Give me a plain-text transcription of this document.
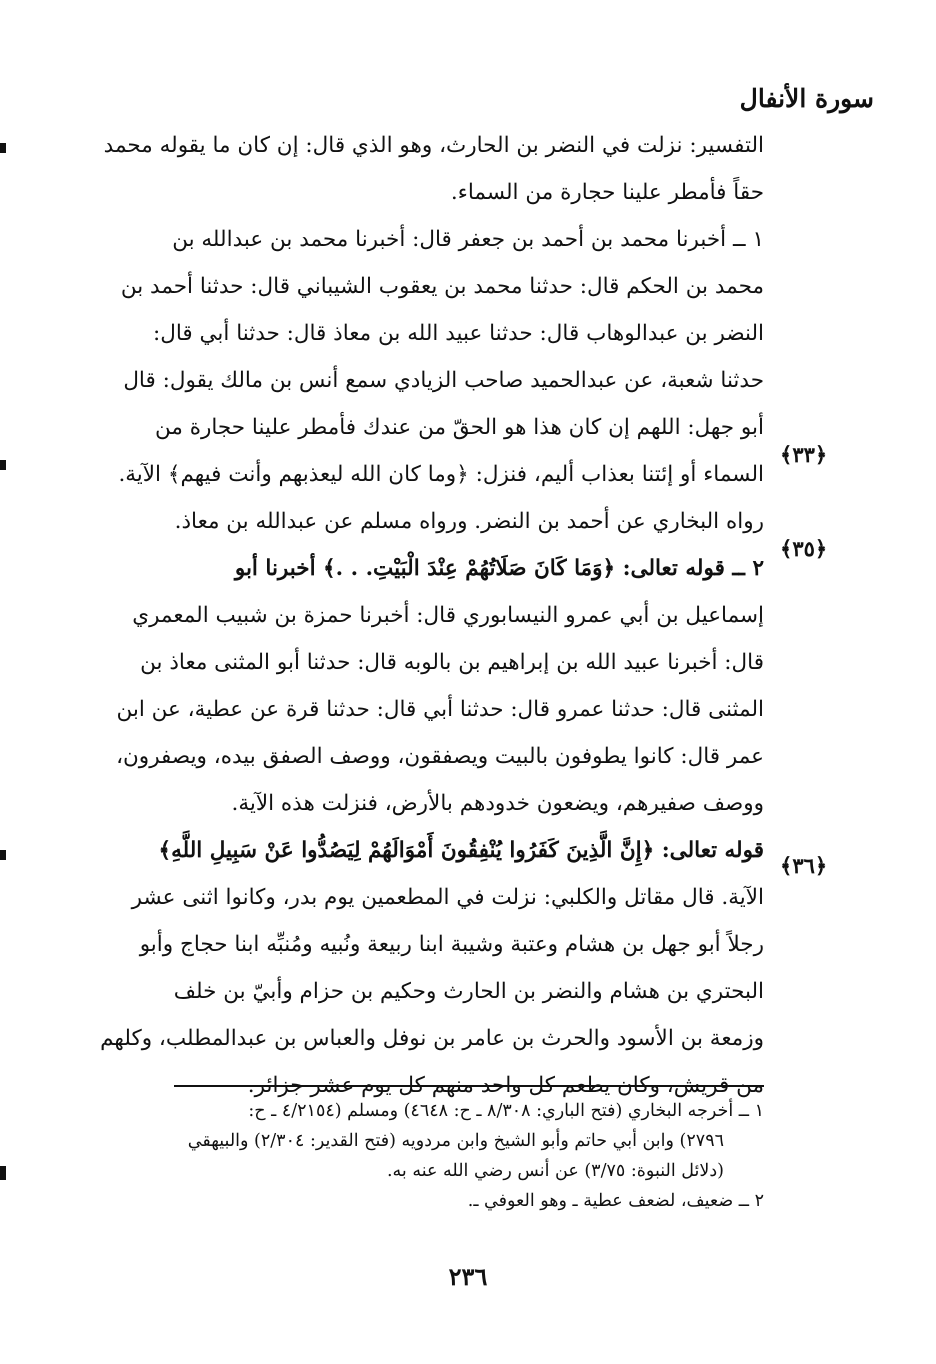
سورة الأنفال
التفسير: نزلت في النضر بن الحارث، وهو الذي قال: إن كان ما يقوله محمد
حقاً فأمطر علينا حجارة من السماء.
١ ــ أخبرنا محمد بن أحمد بن جعفر قال: أخبرنا محمد بن عبدالله بن
محمد بن الحكم قال: حدثنا محمد بن يعقوب الشيباني قال: حدثنا أحمد بن
النضر بن عبدالوهاب قال: حدثنا عبيد الله بن معاذ قال: حدثنا أبي قال:
حدثنا شعبة، عن عبدالحميد صاحب الزيادي سمع أنس بن مالك يقول: قال
أبو جهل: اللهم إن كان هذا هو الحقّ من عندك فأمطر علينا حجارة من
السماء أو إئتنا بعذاب أليم، فنزل: ﴿وما كان الله ليعذبهم وأنت فيهم﴾ الآية.
رواه البخاري عن أحمد بن النضر. ورواه مسلم عن عبدالله بن معاذ.
٢ ــ قوله تعالى: ﴿وَمَا كَانَ صَلَاتُهُمْ عِنْدَ الْبَيْتِ. . .﴾ أخبرنا أبو
إسماعيل بن أبي عمرو النيسابوري قال: أخبرنا حمزة بن شبيب المعمري
قال: أخبرنا عبيد الله بن إبراهيم بن بالوبه قال: حدثنا أبو المثنى معاذ بن
المثنى قال: حدثنا عمرو قال: حدثنا أبي قال: حدثنا قرة عن عطية، عن ابن
عمر قال: كانوا يطوفون بالبيت ويصفقون، ووصف الصفق بيده، ويصفرون،
ووصف صفيرهم، ويضعون خدودهم بالأرض، فنزلت هذه الآية.
قوله تعالى: ﴿إِنَّ الَّذِينَ كَفَرُوا يُنْفِقُونَ أَمْوَالَهُمْ لِيَصُدُّوا عَنْ سَبِيلِ اللَّهِ﴾
الآية. قال مقاتل والكلبي: نزلت في المطعمين يوم بدر، وكانوا اثنى عشر
رجلاً أبو جهل بن هشام وعتبة وشيبة ابنا ربيعة ونُبيه ومُنبِّه ابنا حجاج وأبو
البحتري بن هشام والنضر بن الحارث وحكيم بن حزام وأبيّ بن خلف
وزمعة بن الأسود والحرث بن عامر بن نوفل والعباس بن عبدالمطلب، وكلهم
من قريش، وكان يطعم كل واحد منهم كل يوم عشر جزائر.
﴿٣٣﴾
﴿٣٥﴾
﴿٣٦﴾
١ ــ أخرجه البخاري (فتح الباري: ٨/٣٠٨ ـ ح: ٤٦٤٨) ومسلم (٤/٢١٥٤ ـ ح:
٢٧٩٦) وابن أبي حاتم وأبو الشيخ وابن مردويه (فتح القدير: ٢/٣٠٤) والبيهقي
(دلائل النبوة: ٣/٧٥) عن أنس رضي الله عنه به.
٢ ــ ضعيف، لضعف عطية ـ وهو العوفي ـ.
٢٣٦
